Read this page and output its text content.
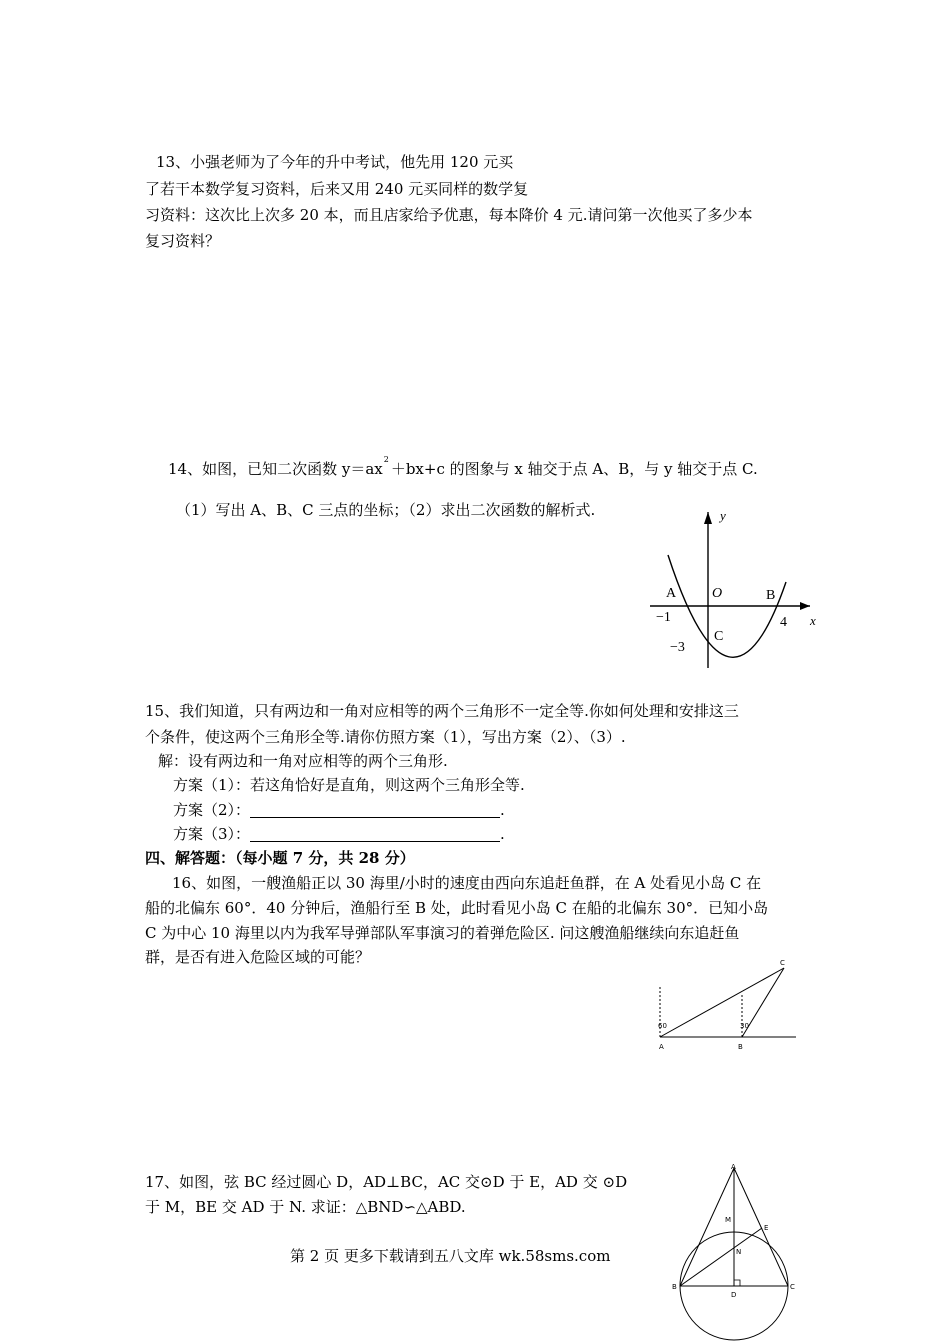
13、小强老师为了今年的升中考试，他先用 120 元买
了若干本数学复习资料，后来又用 240 元买同样的数学复
习资料：这次比上次多 20 本，而且店家给予优惠，每本降价 4 元.请问第一次他买了多少本
复习资料？
14、如图，已知二次函数 $y=ax^2+bx+c$ 的图象与 x 轴交于点 A、B，与 y 轴交于点 C.
（1）写出 A、B、C 三点的坐标；（2）求出二次函数的解析式.	y
x
O
A	B
C
−1	4
−3
15、我们知道，只有两边和一角对应相等的两个三角形不一定全等.你如何处理和安排这三
个条件，使这两个三角形全等.请你仿照方案（1），写出方案（2）、（3）.
解：设有两边和一角对应相等的两个三角形.
方案（1）：若这角恰好是直角，则这两个三角形全等.
方案（2）：	.
方案（3）：	.
四、解答题：（每小题 7 分，共 28 分）
16、如图，一艘渔船正以 30 海里/小时的速度由西向东追赶鱼群，在 A 处看见小岛 C 在
船的北偏东 60°．40 分钟后，渔船行至 B 处，此时看见小岛 C 在船的北偏东 30°．已知小岛
C 为中心 10 海里以内为我军导弹部队军事演习的着弹危险区. 问这艘渔船继续向东追赶鱼
群，是否有进入危险区域的可能？
A	B
C
60	30
17、如图，弦 BC 经过圆心 D，AD⊥BC，AC 交⊙D 于 E，AD 交 ⊙D
于 M，BE 交 AD 于 N. 求证：△BND∽△ABD.
A
B	C
D
E
M
N
第 2 页 更多下载请到五八文库 wk.58sms.com
